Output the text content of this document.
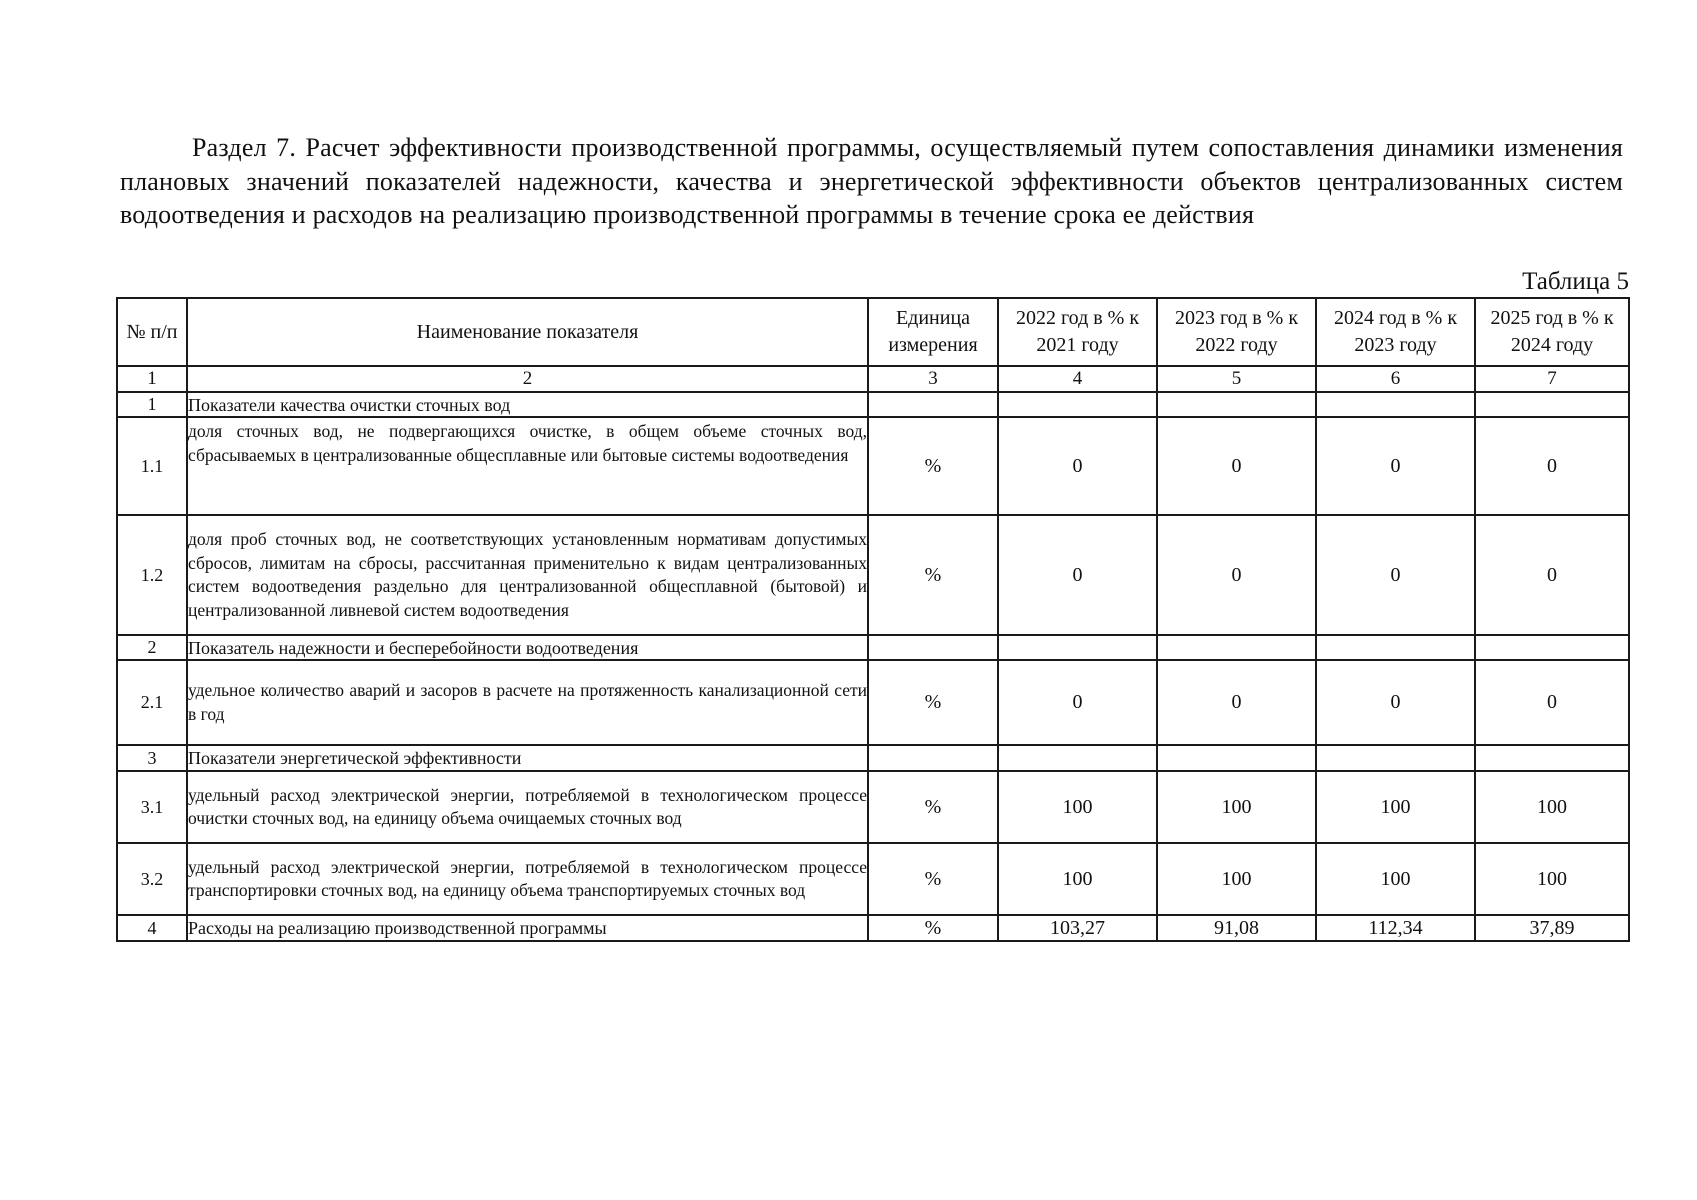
Раздел 7. Расчет эффективности производственной программы, осуществляемый путем сопоставления динамики изменения плановых значений показателей надежности, качества и энергетической эффективности объектов централизованных систем водоотведения и расходов на реализацию производственной программы в течение срока ее действия

Таблица 5
№ п/п	Наименование показателя	Единица измерения	2022 год в % к 2021 году	2023 год в % к 2022 году	2024 год в % к 2023 году	2025 год в % к 2024 году
1	2	3	4	5	6	7
1	Показатели качества очистки сточных вод					
1.1	доля сточных вод, не подвергающихся очистке, в общем объеме сточных вод, сбрасываемых в централизованные общесплавные или бытовые системы водоотведения	%	0	0	0	0
1.2	доля проб сточных вод, не соответствующих установленным нормативам допустимых сбросов, лимитам на сбросы, рассчитанная применительно к видам централизованных систем водоотведения раздельно для централизованной общесплавной (бытовой) и централизованной ливневой систем водоотведения	%	0	0	0	0
2	Показатель надежности и бесперебойности водоотведения					
2.1	удельное количество аварий и засоров в расчете на протяженность канализационной сети в год	%	0	0	0	0
3	Показатели энергетической эффективности					
3.1	удельный расход электрической энергии, потребляемой в технологическом процессе очистки сточных вод, на единицу объема очищаемых сточных вод	%	100	100	100	100
3.2	удельный расход электрической энергии, потребляемой в технологическом процессе транспортировки сточных вод, на единицу объема транспортируемых сточных вод	%	100	100	100	100
4	Расходы на реализацию производственной программы	%	103,27	91,08	112,34	37,89
